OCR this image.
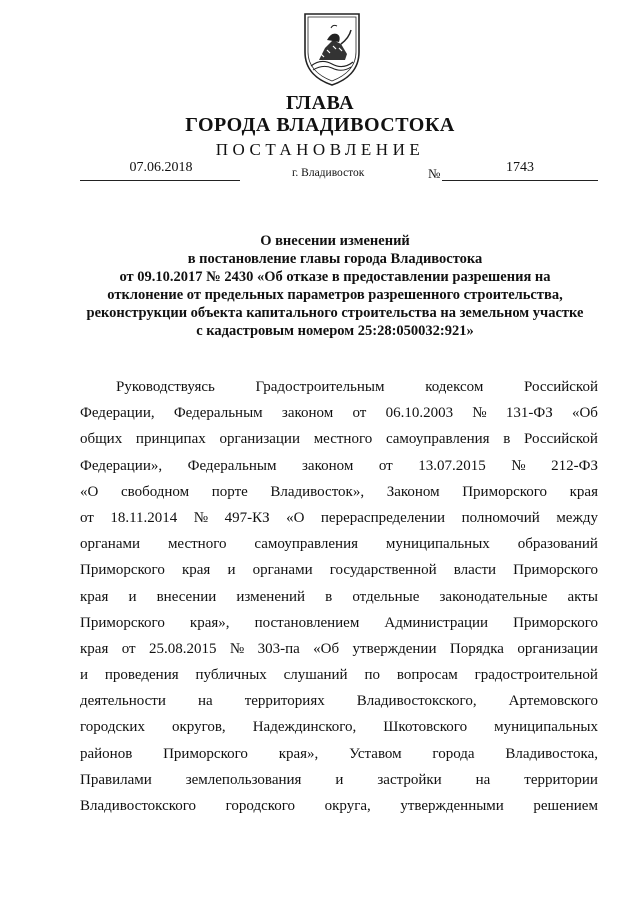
ГЛАВА
ГОРОДА ВЛАДИВОСТОКА
ПОСТАНОВЛЕНИЕ
07.06.2018	г. Владивосток	№	1743
О внесении изменений
в постановление главы города Владивостока
от 09.10.2017 № 2430 «Об отказе в предоставлении разрешения на
отклонение от предельных параметров разрешенного строительства,
реконструкции объекта капитального строительства на земельном участке
с кадастровым номером 25:28:050032:921»
Руководствуясь	Градостроительным	кодексом	Российской
Федерации, Федеральным законом от 06.10.2003 № 131-ФЗ «Об
общих принципах организации местного самоуправления в Российской
Федерации», Федеральным законом от 13.07.2015 № 212-ФЗ
«О свободном порте Владивосток», Законом Приморского края
от 18.11.2014 № 497-КЗ «О перераспределении полномочий между
органами местного самоуправления муниципальных образований
Приморского края и органами государственной власти Приморского
края и внесении изменений в отдельные законодательные акты
Приморского края», постановлением Администрации Приморского
края от 25.08.2015 № 303-па «Об утверждении Порядка организации
и проведения публичных слушаний по вопросам градостроительной
деятельности на территориях Владивостокского, Артемовского
городских округов, Надеждинского, Шкотовского муниципальных
районов Приморского края», Уставом города Владивостока,
Правилами землепользования и застройки на территории
Владивостокского городского округа, утвержденными решением
